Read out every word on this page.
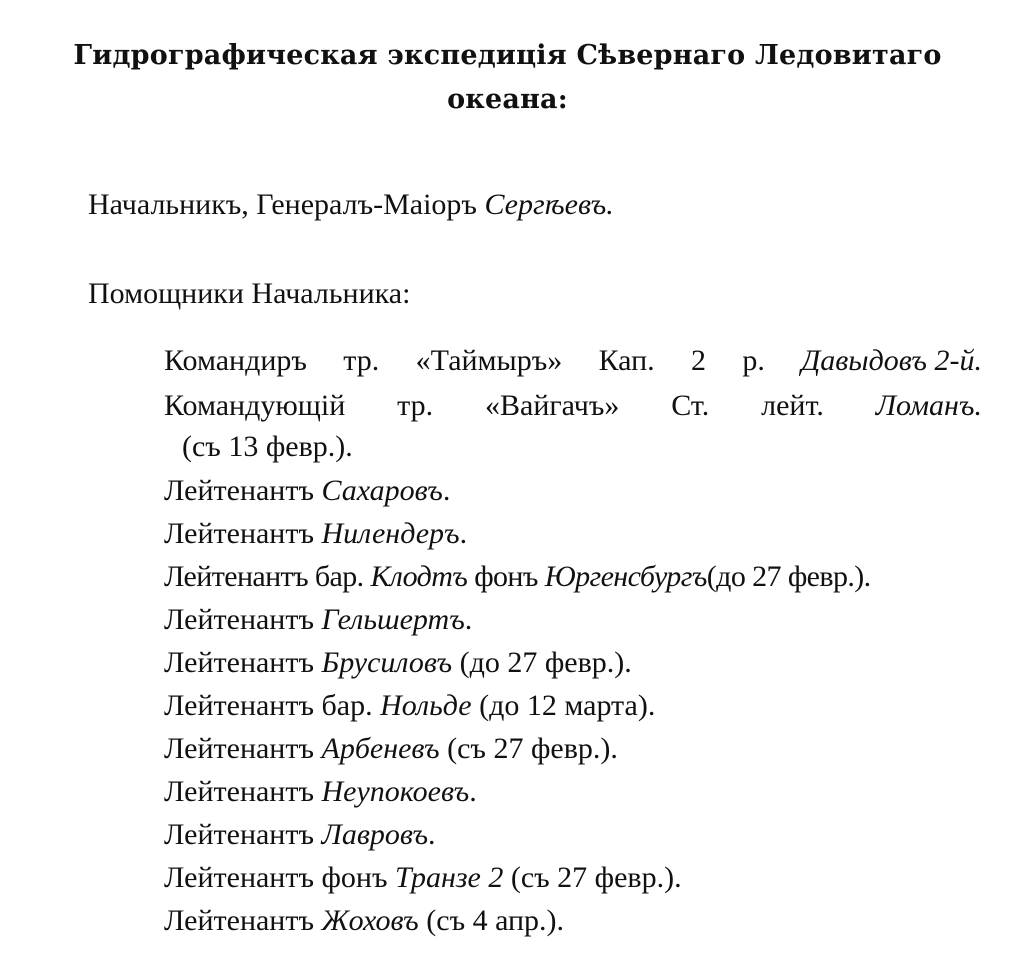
Гидрографическая экспедиція Сѣвернаго Ледовитаго
океана:
Начальникъ, Генералъ-Маіоръ Сергѣевъ.
Помощники Начальника:
Командиръ тр. «Таймыръ» Кап. 2 р. Давыдовъ 2-й.
Командующій тр. «Вайгачъ» Ст. лейт. Ломанъ.
(съ 13 февр.).
Лейтенантъ Сахаровъ.
Лейтенантъ Нилендеръ.
Лейтенантъ бар. Клодтъ фонъ Юргенсбургъ(до 27 февр.).
Лейтенантъ Гельшертъ.
Лейтенантъ Брусиловъ (до 27 февр.).
Лейтенантъ бар. Нольде (до 12 марта).
Лейтенантъ Арбеневъ (съ 27 февр.).
Лейтенантъ Неупокоевъ.
Лейтенантъ Лавровъ.
Лейтенантъ фонъ Транзе 2 (съ 27 февр.).
Лейтенантъ Жоховъ (съ 4 апр.).
